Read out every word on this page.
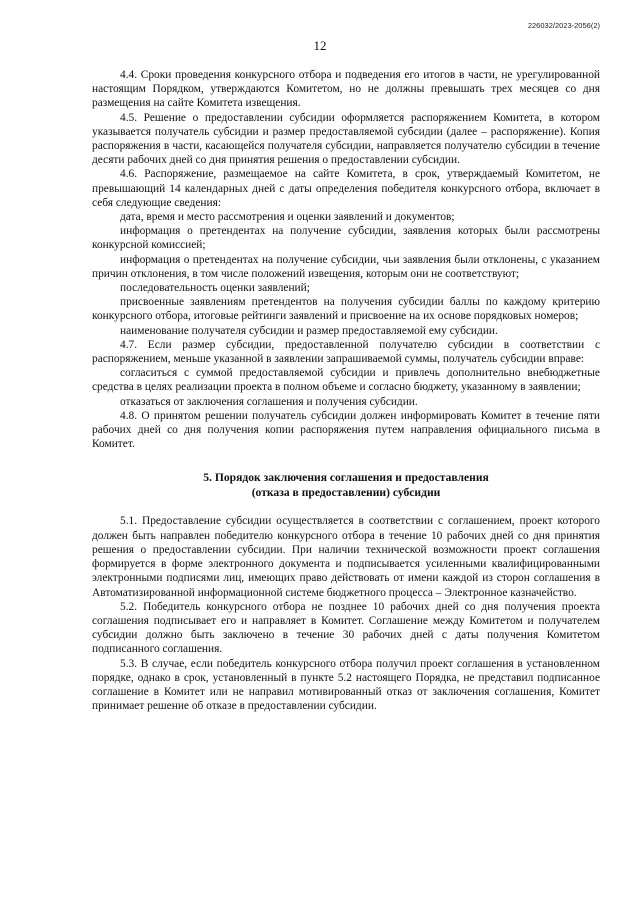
226032/2023-2056(2)
12

4.4. Сроки проведения конкурсного отбора и подведения его итогов в части, не урегулированной настоящим Порядком, утверждаются Комитетом, но не должны превышать трех месяцев со дня размещения на сайте Комитета извещения.

4.5. Решение о предоставлении субсидии оформляется распоряжением Комитета, в котором указывается получатель субсидии и размер предоставляемой субсидии (далее – распоряжение). Копия распоряжения в части, касающейся получателя субсидии, направляется получателю субсидии в течение десяти рабочих дней со дня принятия решения о предоставлении субсидии.

4.6. Распоряжение, размещаемое на сайте Комитета, в срок, утверждаемый Комитетом, не превышающий 14 календарных дней с даты определения победителя конкурсного отбора, включает в себя следующие сведения:

дата, время и место рассмотрения и оценки заявлений и документов;

информация о претендентах на получение субсидии, заявления которых были рассмотрены конкурсной комиссией;

информация о претендентах на получение субсидии, чьи заявления были отклонены, с указанием причин отклонения, в том числе положений извещения, которым они не соответствуют;

последовательность оценки заявлений;

присвоенные заявлениям претендентов на получения субсидии баллы по каждому критерию конкурсного отбора, итоговые рейтинги заявлений и присвоение на их основе порядковых номеров;

наименование получателя субсидии и размер предоставляемой ему субсидии.

4.7. Если размер субсидии, предоставленной получателю субсидии в соответствии с распоряжением, меньше указанной в заявлении запрашиваемой суммы, получатель субсидии вправе:

согласиться с суммой предоставляемой субсидии и привлечь дополнительно внебюджетные средства в целях реализации проекта в полном объеме и согласно бюджету, указанному в заявлении;

отказаться от заключения соглашения и получения субсидии.

4.8. О принятом решении получатель субсидии должен информировать Комитет в течение пяти рабочих дней со дня получения копии распоряжения путем направления официального письма в Комитет.

5. Порядок заключения соглашения и предоставления
(отказа в предоставлении) субсидии

5.1. Предоставление субсидии осуществляется в соответствии с соглашением, проект которого должен быть направлен победителю конкурсного отбора в течение 10 рабочих дней со дня принятия решения о предоставлении субсидии. При наличии технической возможности проект соглашения формируется в форме электронного документа и подписывается усиленными квалифицированными электронными подписями лиц, имеющих право действовать от имени каждой из сторон соглашения в Автоматизированной информационной системе бюджетного процесса – Электронное казначейство.

5.2. Победитель конкурсного отбора не позднее 10 рабочих дней со дня получения проекта соглашения подписывает его и направляет в Комитет. Соглашение между Комитетом и получателем субсидии должно быть заключено в течение 30 рабочих дней с даты получения Комитетом подписанного соглашения.

5.3. В случае, если победитель конкурсного отбора получил проект соглашения в установленном порядке, однако в срок, установленный в пункте 5.2 настоящего Порядка, не представил подписанное соглашение в Комитет или не направил мотивированный отказ от заключения соглашения, Комитет принимает решение об отказе в предоставлении субсидии.
